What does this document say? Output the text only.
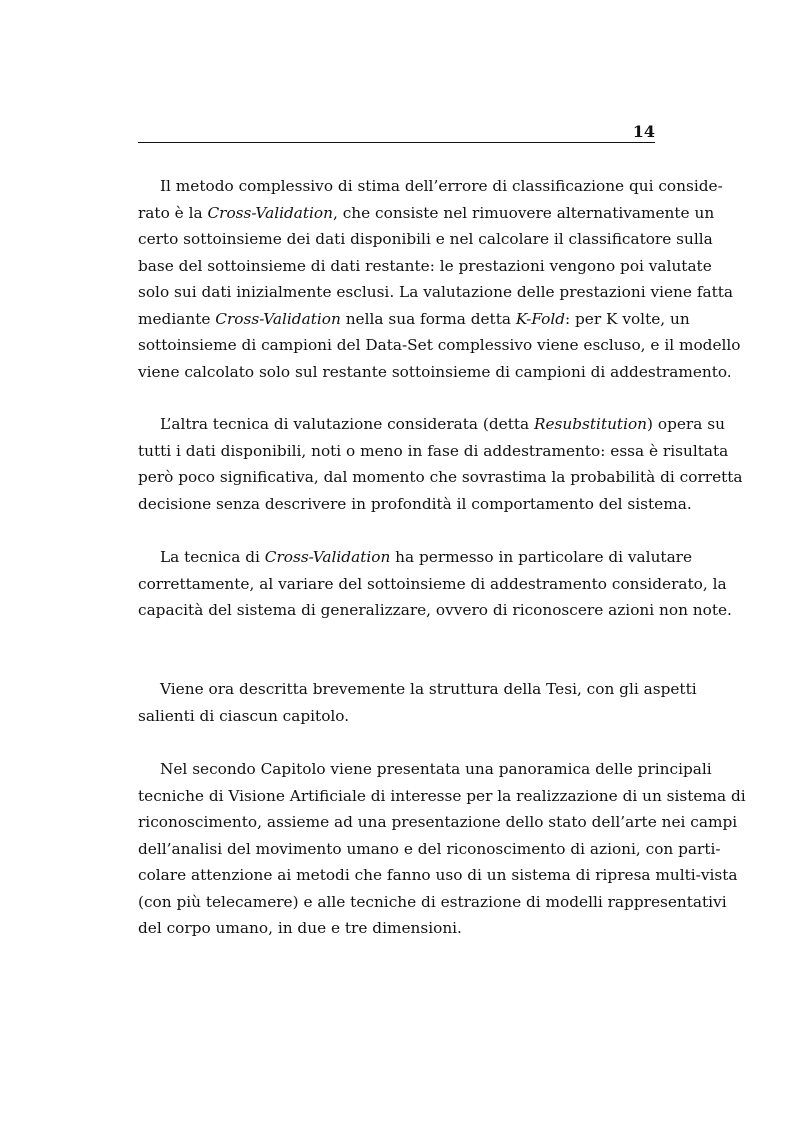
14
Il metodo complessivo di stima dell’errore di classificazione qui conside-
rato è la Cross-Validation, che consiste nel rimuovere alternativamente un
certo sottoinsieme dei dati disponibili e nel calcolare il classificatore sulla
base del sottoinsieme di dati restante: le prestazioni vengono poi valutate
solo sui dati inizialmente esclusi. La valutazione delle prestazioni viene fatta
mediante Cross-Validation nella sua forma detta K-Fold: per K volte, un
sottoinsieme di campioni del Data-Set complessivo viene escluso, e il modello
viene calcolato solo sul restante sottoinsieme di campioni di addestramento.
L’altra tecnica di valutazione considerata (detta Resubstitution) opera su
tutti i dati disponibili, noti o meno in fase di addestramento: essa è risultata
però poco significativa, dal momento che sovrastima la probabilità di corretta
decisione senza descrivere in profondità il comportamento del sistema.
La tecnica di Cross-Validation ha permesso in particolare di valutare
correttamente, al variare del sottoinsieme di addestramento considerato, la
capacità del sistema di generalizzare, ovvero di riconoscere azioni non note.
Viene ora descritta brevemente la struttura della Tesi, con gli aspetti
salienti di ciascun capitolo.
Nel secondo Capitolo viene presentata una panoramica delle principali
tecniche di Visione Artificiale di interesse per la realizzazione di un sistema di
riconoscimento, assieme ad una presentazione dello stato dell’arte nei campi
dell’analisi del movimento umano e del riconoscimento di azioni, con parti-
colare attenzione ai metodi che fanno uso di un sistema di ripresa multi-vista
(con più telecamere) e alle tecniche di estrazione di modelli rappresentativi
del corpo umano, in due e tre dimensioni.
